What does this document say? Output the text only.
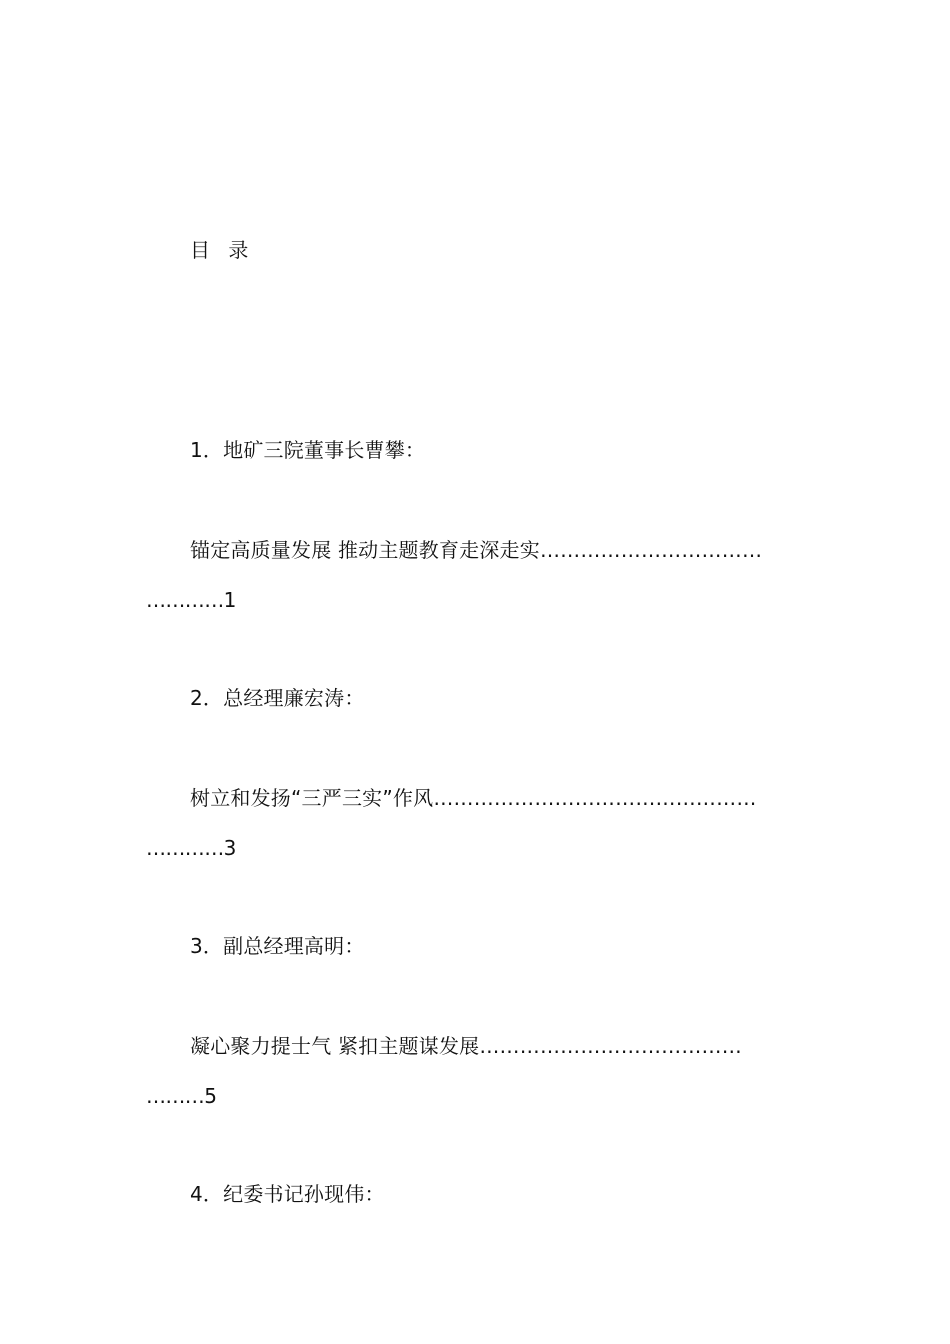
目 录
1．地矿三院董事长曹攀：
锚定高质量发展 推动主题教育走深走实……………………………
…………1
2．总经理廉宏涛：
树立和发扬“三严三实”作风…………………………………………
…………3
3．副总经理高明：
凝心聚力提士气 紧扣主题谋发展…………………………………
………5
4．纪委书记孙现伟：
